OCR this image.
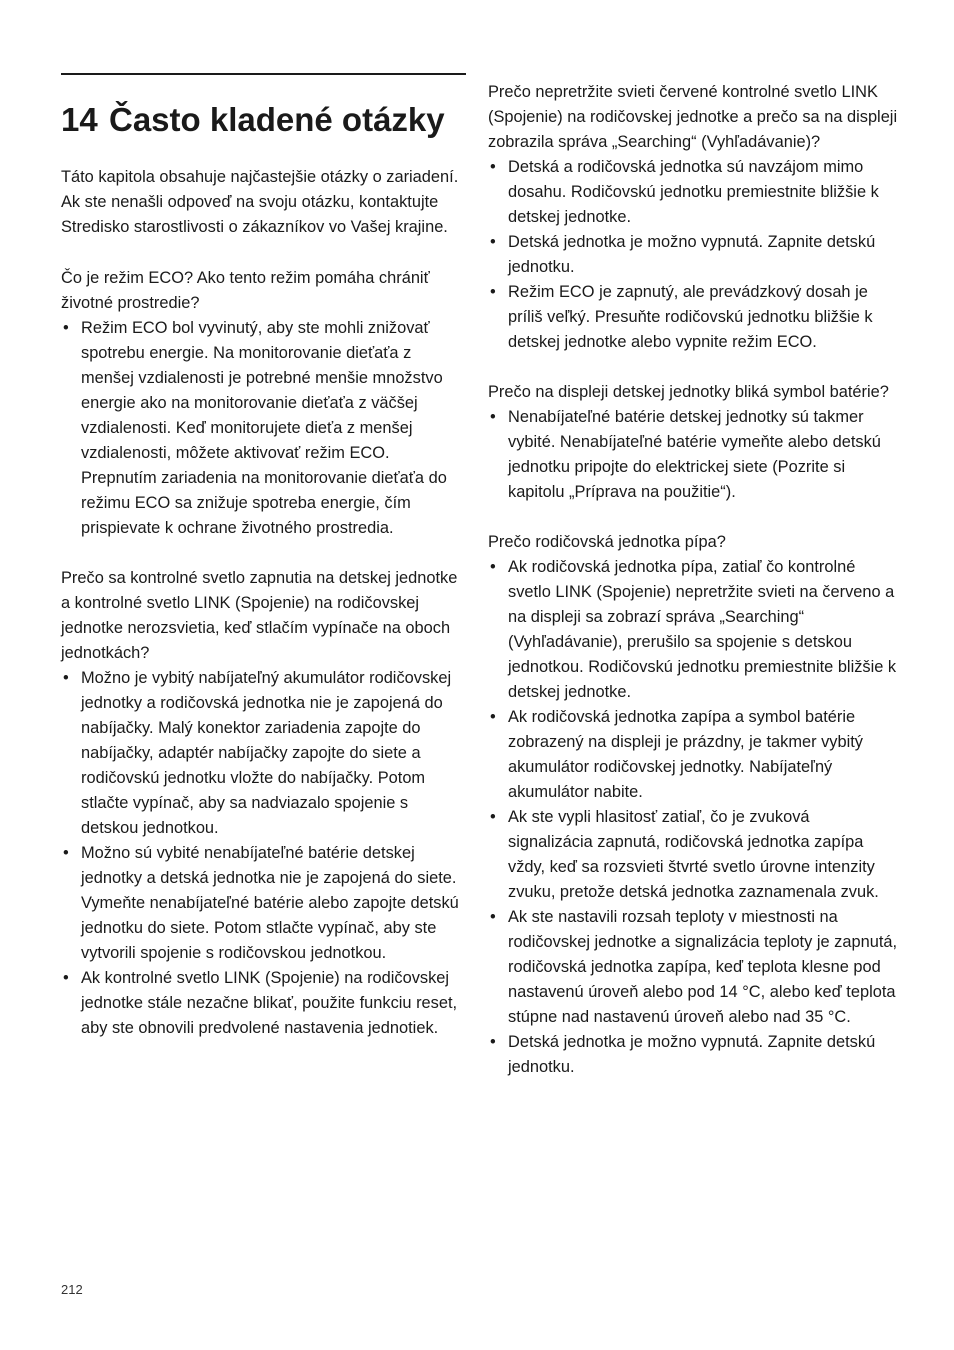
14 Často kladené otázky

Táto kapitola obsahuje najčastejšie otázky o zariadení. Ak ste nenašli odpoveď na svoju otázku, kontaktujte Stredisko starostlivosti o zákazníkov vo Vašej krajine.

Čo je režim ECO? Ako tento režim pomáha chrániť životné prostredie?

• Režim ECO bol vyvinutý, aby ste mohli znižovať spotrebu energie. Na monitorovanie dieťaťa z menšej vzdialenosti je potrebné menšie množstvo energie ako na monitorovanie dieťaťa z väčšej vzdialenosti. Keď monitorujete dieťa z menšej vzdialenosti, môžete aktivovať režim ECO. Prepnutím zariadenia na monitorovanie dieťaťa do režimu ECO sa znižuje spotreba energie, čím prispievate k ochrane životného prostredia.

Prečo sa kontrolné svetlo zapnutia na detskej jednotke a kontrolné svetlo LINK (Spojenie) na rodičovskej jednotke nerozsvietia, keď stlačím vypínače na oboch jednotkách?

• Možno je vybitý nabíjateľný akumulátor rodičovskej jednotky a rodičovská jednotka nie je zapojená do nabíjačky. Malý konektor zariadenia zapojte do nabíjačky, adaptér nabíjačky zapojte do siete a rodičovskú jednotku vložte do nabíjačky. Potom stlačte vypínač, aby sa nadviazalo spojenie s detskou jednotkou.
• Možno sú vybité nenabíjateľné batérie detskej jednotky a detská jednotka nie je zapojená do siete. Vymeňte nenabíjateľné batérie alebo zapojte detskú jednotku do siete. Potom stlačte vypínač, aby ste vytvorili spojenie s rodičovskou jednotkou.
• Ak kontrolné svetlo LINK (Spojenie) na rodičovskej jednotke stále nezačne blikať, použite funkciu reset, aby ste obnovili predvolené nastavenia jednotiek.

Prečo nepretržite svieti červené kontrolné svetlo LINK (Spojenie) na rodičovskej jednotke a prečo sa na displeji zobrazila správa „Searching“ (Vyhľadávanie)?

• Detská a rodičovská jednotka sú navzájom mimo dosahu. Rodičovskú jednotku premiestnite bližšie k detskej jednotke.
• Detská jednotka je možno vypnutá. Zapnite detskú jednotku.
• Režim ECO je zapnutý, ale prevádzkový dosah je príliš veľký. Presuňte rodičovskú jednotku bližšie k detskej jednotke alebo vypnite režim ECO.

Prečo na displeji detskej jednotky bliká symbol batérie?

• Nenabíjateľné batérie detskej jednotky sú takmer vybité. Nenabíjateľné batérie vymeňte alebo detskú jednotku pripojte do elektrickej siete (Pozrite si kapitolu „Príprava na použitie“).

Prečo rodičovská jednotka pípa?

• Ak rodičovská jednotka pípa, zatiaľ čo kontrolné svetlo LINK (Spojenie) nepretržite svieti na červeno a na displeji sa zobrazí správa „Searching“ (Vyhľadávanie), prerušilo sa spojenie s detskou jednotkou. Rodičovskú jednotku premiestnite bližšie k detskej jednotke.
• Ak rodičovská jednotka zapípa a symbol batérie zobrazený na displeji je prázdny, je takmer vybitý akumulátor rodičovskej jednotky. Nabíjateľný akumulátor nabite.
• Ak ste vypli hlasitosť zatiaľ, čo je zvuková signalizácia zapnutá, rodičovská jednotka zapípa vždy, keď sa rozsvieti štvrté svetlo úrovne intenzity zvuku, pretože detská jednotka zaznamenala zvuk.
• Ak ste nastavili rozsah teploty v miestnosti na rodičovskej jednotke a signalizácia teploty je zapnutá, rodičovská jednotka zapípa, keď teplota klesne pod nastavenú úroveň alebo pod 14 °C, alebo keď teplota stúpne nad nastavenú úroveň alebo nad 35 °C.
• Detská jednotka je možno vypnutá. Zapnite detskú jednotku.
212
